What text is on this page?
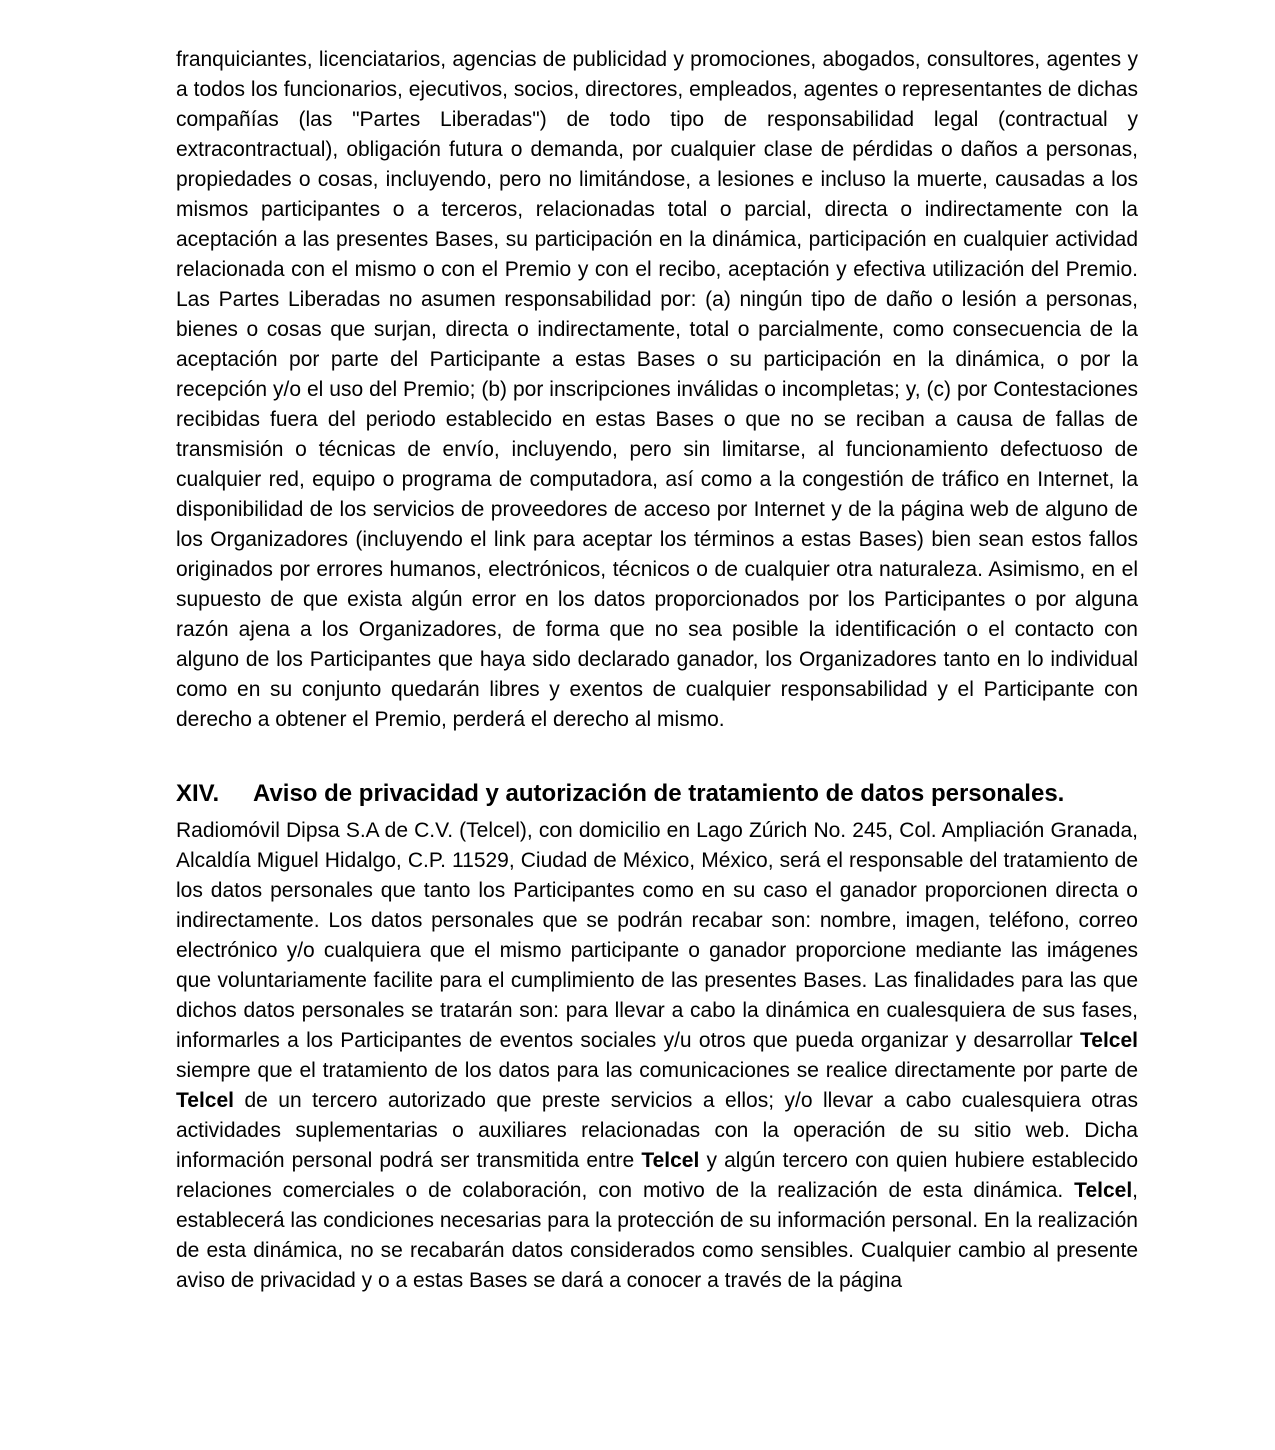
franquiciantes, licenciatarios, agencias de publicidad y promociones, abogados, consultores, agentes y a todos los funcionarios, ejecutivos, socios, directores, empleados, agentes o representantes de dichas compañías (las "Partes Liberadas") de todo tipo de responsabilidad legal (contractual y extracontractual), obligación futura o demanda, por cualquier clase de pérdidas o daños a personas, propiedades o cosas, incluyendo, pero no limitándose, a lesiones e incluso la muerte, causadas a los mismos participantes o a terceros, relacionadas total o parcial, directa o indirectamente con la aceptación a las presentes Bases, su participación en la dinámica, participación en cualquier actividad relacionada con el mismo o con el Premio y con el recibo, aceptación y efectiva utilización del Premio. Las Partes Liberadas no asumen responsabilidad por: (a) ningún tipo de daño o lesión a personas, bienes o cosas que surjan, directa o indirectamente, total o parcialmente, como consecuencia de la aceptación por parte del Participante a estas Bases o su participación en la dinámica, o por la recepción y/o el uso del Premio; (b) por inscripciones inválidas o incompletas; y, (c) por Contestaciones recibidas fuera del periodo establecido en estas Bases o que no se reciban a causa de fallas de transmisión o técnicas de envío, incluyendo, pero sin limitarse, al funcionamiento defectuoso de cualquier red, equipo o programa de computadora, así como a la congestión de tráfico en Internet, la disponibilidad de los servicios de proveedores de acceso por Internet y de la página web de alguno de los Organizadores (incluyendo el link para aceptar los términos a estas Bases) bien sean estos fallos originados por errores humanos, electrónicos, técnicos o de cualquier otra naturaleza. Asimismo, en el supuesto de que exista algún error en los datos proporcionados por los Participantes o por alguna razón ajena a los Organizadores, de forma que no sea posible la identificación o el contacto con alguno de los Participantes que haya sido declarado ganador, los Organizadores tanto en lo individual como en su conjunto quedarán libres y exentos de cualquier responsabilidad y el Participante con derecho a obtener el Premio, perderá el derecho al mismo.

XIV.	Aviso de privacidad y autorización de tratamiento de datos personales.

Radiomóvil Dipsa S.A de C.V. (Telcel), con domicilio en Lago Zúrich No. 245, Col. Ampliación Granada, Alcaldía Miguel Hidalgo, C.P. 11529, Ciudad de México, México, será el responsable del tratamiento de los datos personales que tanto los Participantes como en su caso el ganador proporcionen directa o indirectamente. Los datos personales que se podrán recabar son: nombre, imagen, teléfono, correo electrónico y/o cualquiera que el mismo participante o ganador proporcione mediante las imágenes que voluntariamente facilite para el cumplimiento de las presentes Bases. Las finalidades para las que dichos datos personales se tratarán son: para llevar a cabo la dinámica en cualesquiera de sus fases, informarles a los Participantes de eventos sociales y/u otros que pueda organizar y desarrollar Telcel siempre que el tratamiento de los datos para las comunicaciones se realice directamente por parte de Telcel de un tercero autorizado que preste servicios a ellos; y/o llevar a cabo cualesquiera otras actividades suplementarias o auxiliares relacionadas con la operación de su sitio web. Dicha información personal podrá ser transmitida entre Telcel y algún tercero con quien hubiere establecido relaciones comerciales o de colaboración, con motivo de la realización de esta dinámica. Telcel, establecerá las condiciones necesarias para la protección de su información personal. En la realización de esta dinámica, no se recabarán datos considerados como sensibles. Cualquier cambio al presente aviso de privacidad y o a estas Bases se dará a conocer a través de la página
